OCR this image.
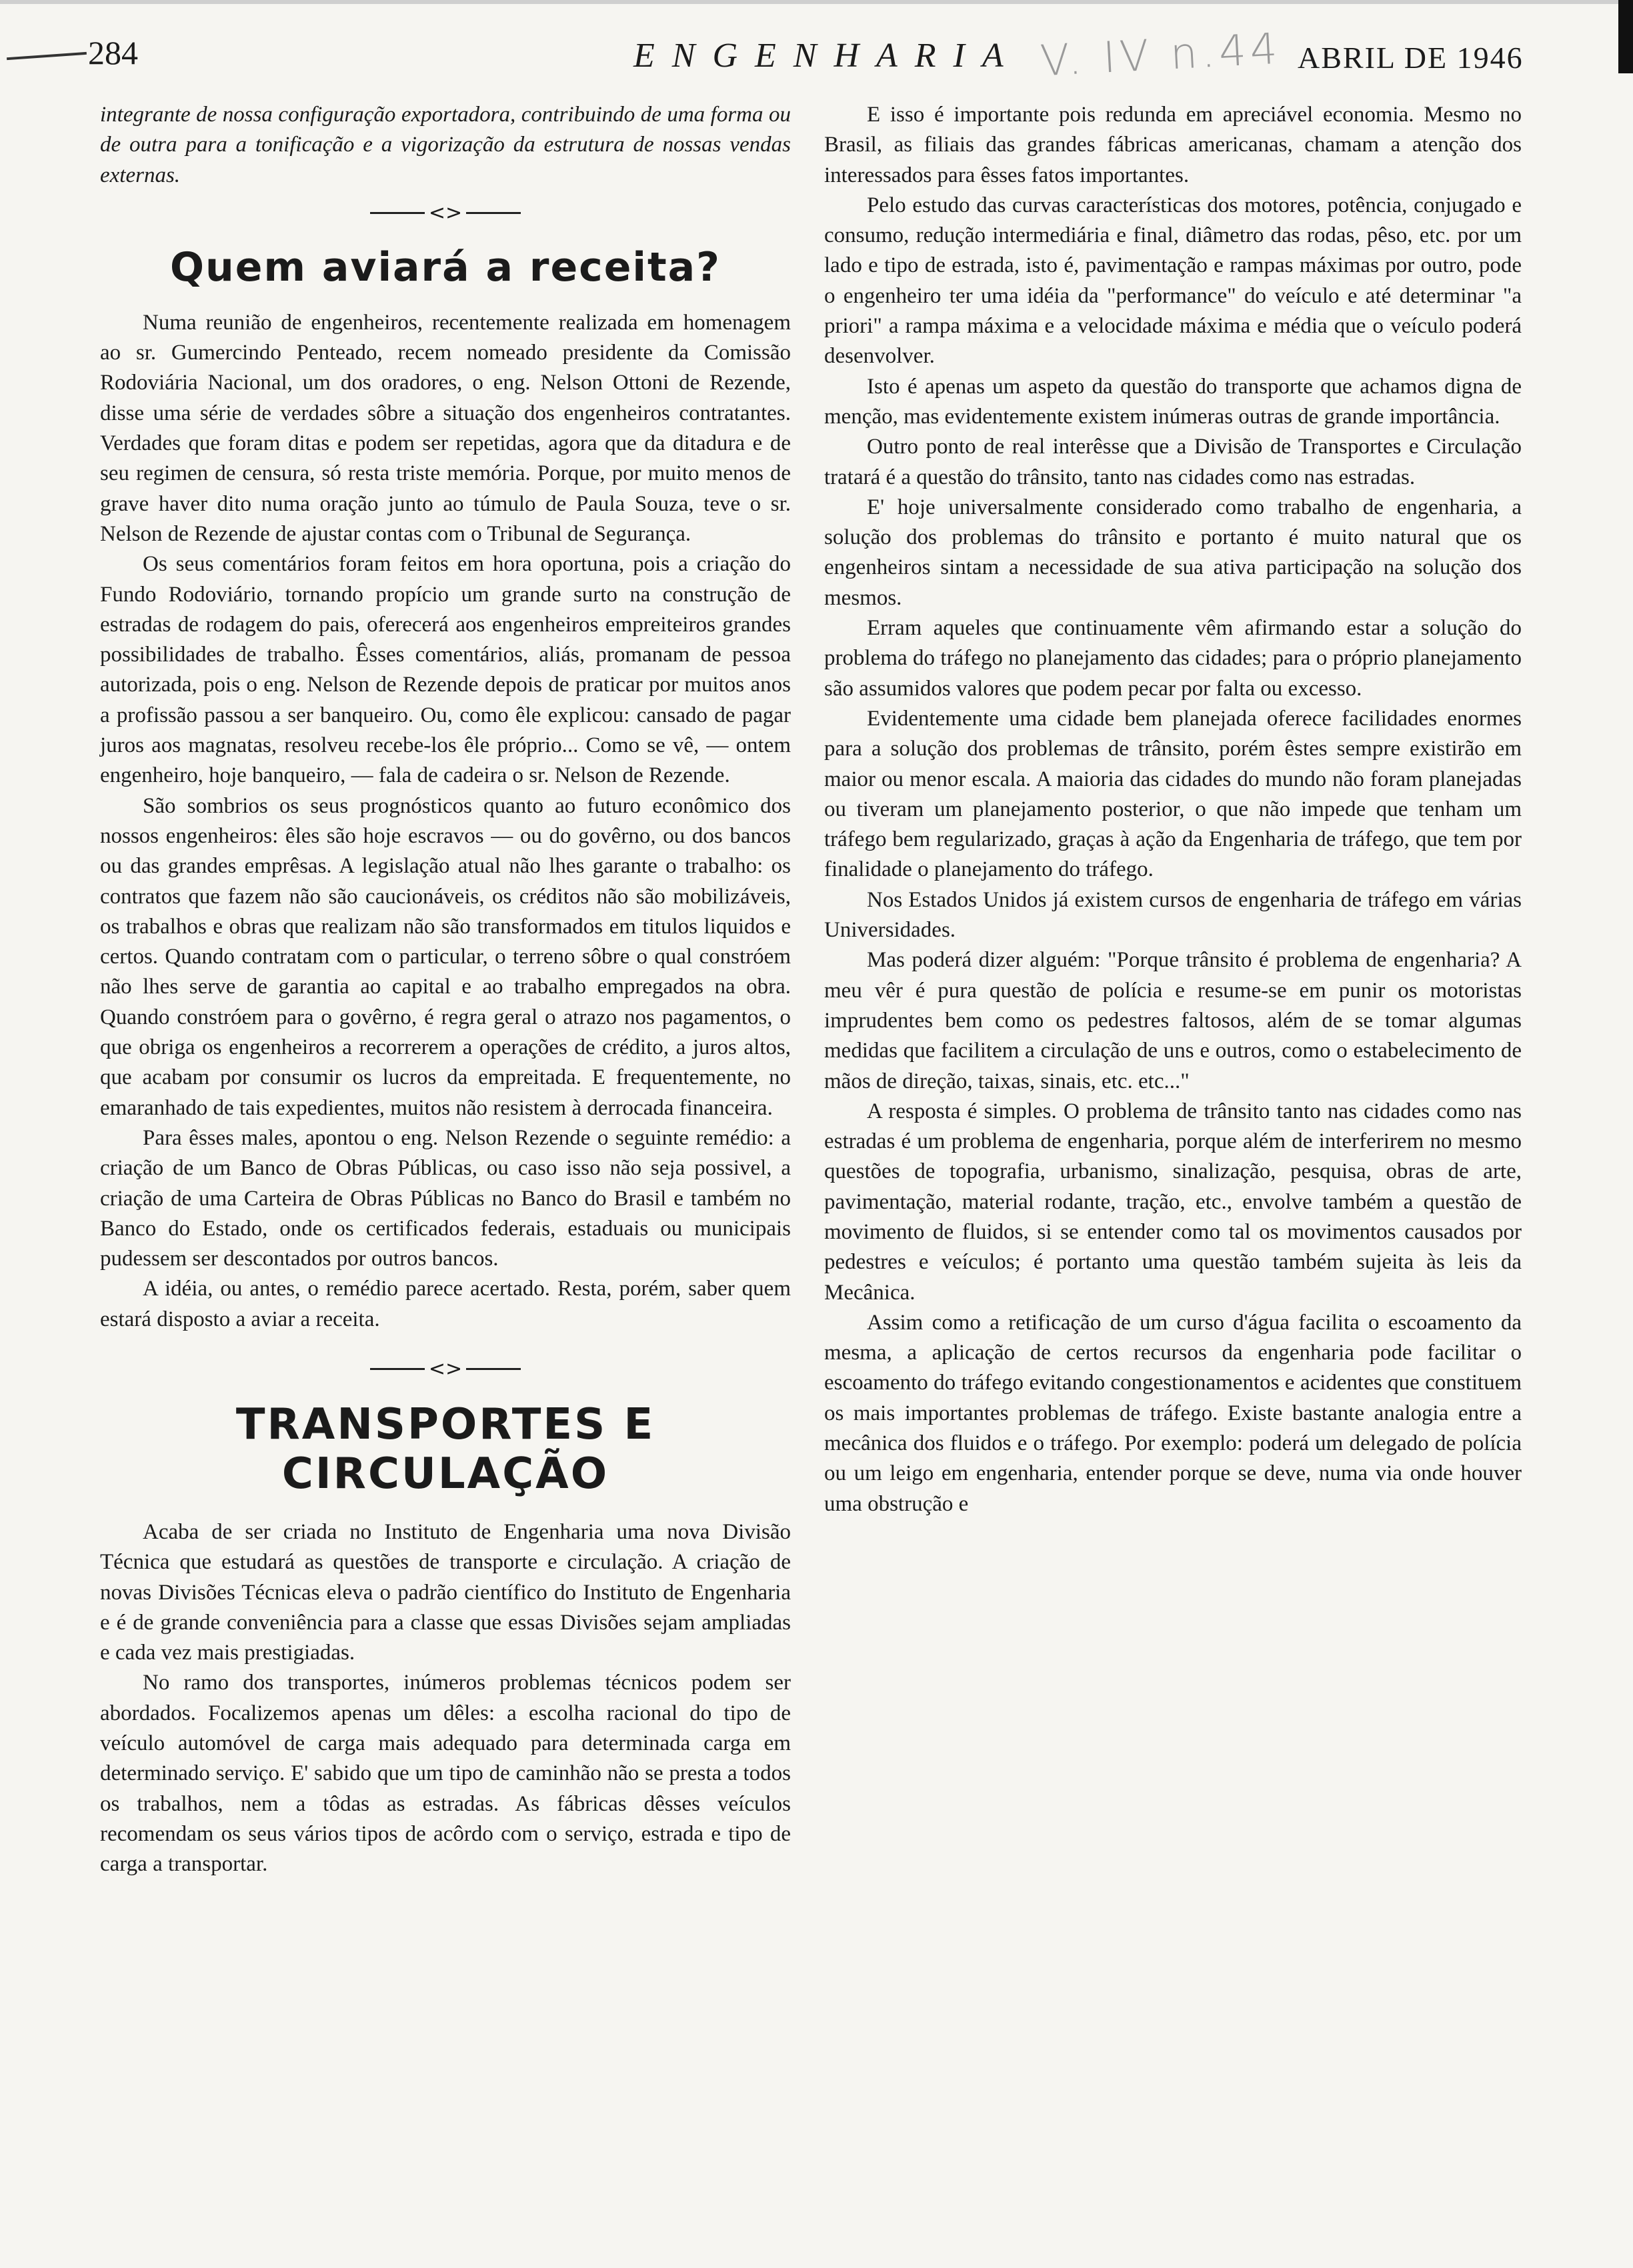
284	ENGENHARIA V. IV n.44 ABRIL DE 1946

integrante de nossa configuração exportadora, contribuindo de uma forma ou de outra para a tonificação e a vigorização da estrutura de nossas vendas externas.

<>
Quem aviará a receita?

Numa reunião de engenheiros, recentemente realizada em homenagem ao sr. Gumercindo Penteado, recem nomeado presidente da Comissão Rodoviária Nacional, um dos oradores, o eng. Nelson Ottoni de Rezende, disse uma série de verdades sôbre a situação dos engenheiros contratantes. Verdades que foram ditas e podem ser repetidas, agora que da ditadura e de seu regimen de censura, só resta triste memória. Porque, por muito menos de grave haver dito numa oração junto ao túmulo de Paula Souza, teve o sr. Nelson de Rezende de ajustar contas com o Tribunal de Segurança.

Os seus comentários foram feitos em hora oportuna, pois a criação do Fundo Rodoviário, tornando propício um grande surto na construção de estradas de rodagem do pais, oferecerá aos engenheiros empreiteiros grandes possibilidades de trabalho. Êsses comentários, aliás, promanam de pessoa autorizada, pois o eng. Nelson de Rezende depois de praticar por muitos anos a profissão passou a ser banqueiro. Ou, como êle explicou: cansado de pagar juros aos magnatas, resolveu recebe-los êle próprio... Como se vê, — ontem engenheiro, hoje banqueiro, — fala de cadeira o sr. Nelson de Rezende.

São sombrios os seus prognósticos quanto ao futuro econômico dos nossos engenheiros: êles são hoje escravos — ou do govêrno, ou dos bancos ou das grandes emprêsas. A legislação atual não lhes garante o trabalho: os contratos que fazem não são caucionáveis, os créditos não são mobilizáveis, os trabalhos e obras que realizam não são transformados em titulos liquidos e certos. Quando contratam com o particular, o terreno sôbre o qual constróem não lhes serve de garantia ao capital e ao trabalho empregados na obra. Quando constróem para o govêrno, é regra geral o atrazo nos pagamentos, o que obriga os engenheiros a recorrerem a operações de crédito, a juros altos, que acabam por consumir os lucros da empreitada. E frequentemente, no emaranhado de tais expedientes, muitos não resistem à derrocada financeira.

Para êsses males, apontou o eng. Nelson Rezende o seguinte remédio: a criação de um Banco de Obras Públicas, ou caso isso não seja possivel, a criação de uma Carteira de Obras Públicas no Banco do Brasil e também no Banco do Estado, onde os certificados federais, estaduais ou municipais pudessem ser descontados por outros bancos.

A idéia, ou antes, o remédio parece acertado. Resta, porém, saber quem estará disposto a aviar a receita.

<>
TRANSPORTES E CIRCULAÇÃO

Acaba de ser criada no Instituto de Engenharia uma nova Divisão Técnica que estudará as questões de transporte e circulação. A criação de novas Divisões Técnicas eleva o padrão científico do Instituto de Engenharia e é de grande conveniência para a classe que essas Divisões sejam ampliadas e cada vez mais prestigiadas.

No ramo dos transportes, inúmeros problemas técnicos podem ser abordados. Focalizemos apenas um dêles: a escolha racional do tipo de veículo automóvel de carga mais adequado para determinada carga em determinado serviço. E' sabido que um tipo de caminhão não se presta a todos os trabalhos, nem a tôdas as estradas. As fábricas dêsses veículos recomendam os seus vários tipos de acôrdo com o serviço, estrada e tipo de carga a transportar.

E isso é importante pois redunda em apreciável economia. Mesmo no Brasil, as filiais das grandes fábricas americanas, chamam a atenção dos interessados para êsses fatos importantes.

Pelo estudo das curvas características dos motores, potência, conjugado e consumo, redução intermediária e final, diâmetro das rodas, pêso, etc. por um lado e tipo de estrada, isto é, pavimentação e rampas máximas por outro, pode o engenheiro ter uma idéia da "performance" do veículo e até determinar "a priori" a rampa máxima e a velocidade máxima e média que o veículo poderá desenvolver.

Isto é apenas um aspeto da questão do transporte que achamos digna de menção, mas evidentemente existem inúmeras outras de grande importância.

Outro ponto de real interêsse que a Divisão de Transportes e Circulação tratará é a questão do trânsito, tanto nas cidades como nas estradas.

E' hoje universalmente considerado como trabalho de engenharia, a solução dos problemas do trânsito e portanto é muito natural que os engenheiros sintam a necessidade de sua ativa participação na solução dos mesmos.

Erram aqueles que continuamente vêm afirmando estar a solução do problema do tráfego no planejamento das cidades; para o próprio planejamento são assumidos valores que podem pecar por falta ou excesso.

Evidentemente uma cidade bem planejada oferece facilidades enormes para a solução dos problemas de trânsito, porém êstes sempre existirão em maior ou menor escala. A maioria das cidades do mundo não foram planejadas ou tiveram um planejamento posterior, o que não impede que tenham um tráfego bem regularizado, graças à ação da Engenharia de tráfego, que tem por finalidade o planejamento do tráfego.

Nos Estados Unidos já existem cursos de engenharia de tráfego em várias Universidades.

Mas poderá dizer alguém: "Porque trânsito é problema de engenharia? A meu vêr é pura questão de polícia e resume-se em punir os motoristas imprudentes bem como os pedestres faltosos, além de se tomar algumas medidas que facilitem a circulação de uns e outros, como o estabelecimento de mãos de direção, taixas, sinais, etc. etc..."

A resposta é simples. O problema de trânsito tanto nas cidades como nas estradas é um problema de engenharia, porque além de interferirem no mesmo questões de topografia, urbanismo, sinalização, pesquisa, obras de arte, pavimentação, material rodante, tração, etc., envolve também a questão de movimento de fluidos, si se entender como tal os movimentos causados por pedestres e veículos; é portanto uma questão também sujeita às leis da Mecânica.

Assim como a retificação de um curso d'água facilita o escoamento da mesma, a aplicação de certos recursos da engenharia pode facilitar o escoamento do tráfego evitando congestionamentos e acidentes que constituem os mais importantes problemas de tráfego. Existe bastante analogia entre a mecânica dos fluidos e o tráfego. Por exemplo: poderá um delegado de polícia ou um leigo em engenharia, entender porque se deve, numa via onde houver uma obstrução e
